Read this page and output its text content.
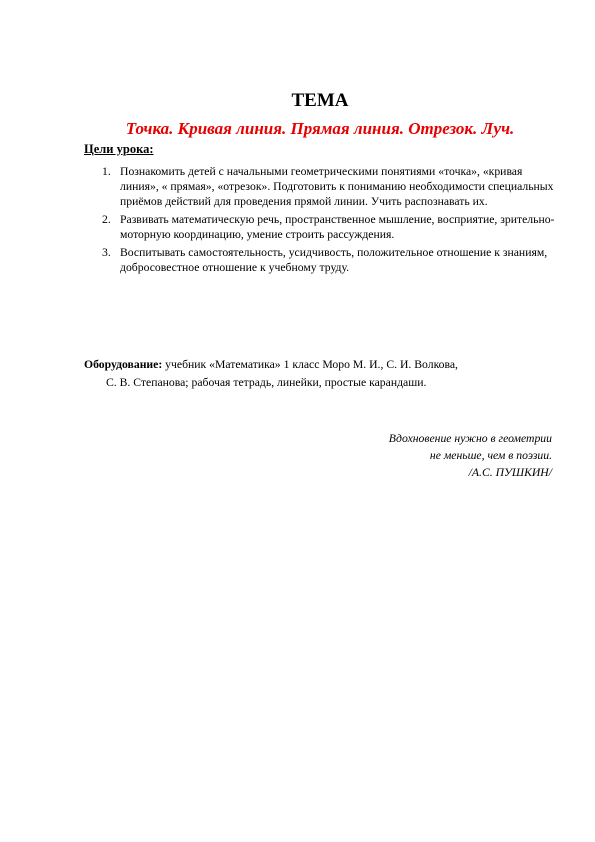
ТЕМА
Точка. Кривая линия. Прямая линия. Отрезок. Луч.
Цели урока:
1. Познакомить детей с начальными геометрическими понятиями «точка», «кривая линия», « прямая», «отрезок». Подготовить к пониманию необходимости специальных приёмов действий для проведения прямой линии. Учить распознавать их.
2. Развивать математическую речь, пространственное мышление, восприятие, зрительно- моторную координацию, умение строить рассуждения.
3. Воспитывать самостоятельность, усидчивость, положительное отношение к знаниям, добросовестное отношение к учебному труду.
Оборудование: учебник «Математика» 1 класс Моро М. И., С. И. Волкова,
С. В. Степанова; рабочая тетрадь, линейки, простые карандаши.
Вдохновение нужно в геометрии
не меньше, чем в поэзии.
/А.С. ПУШКИН/
